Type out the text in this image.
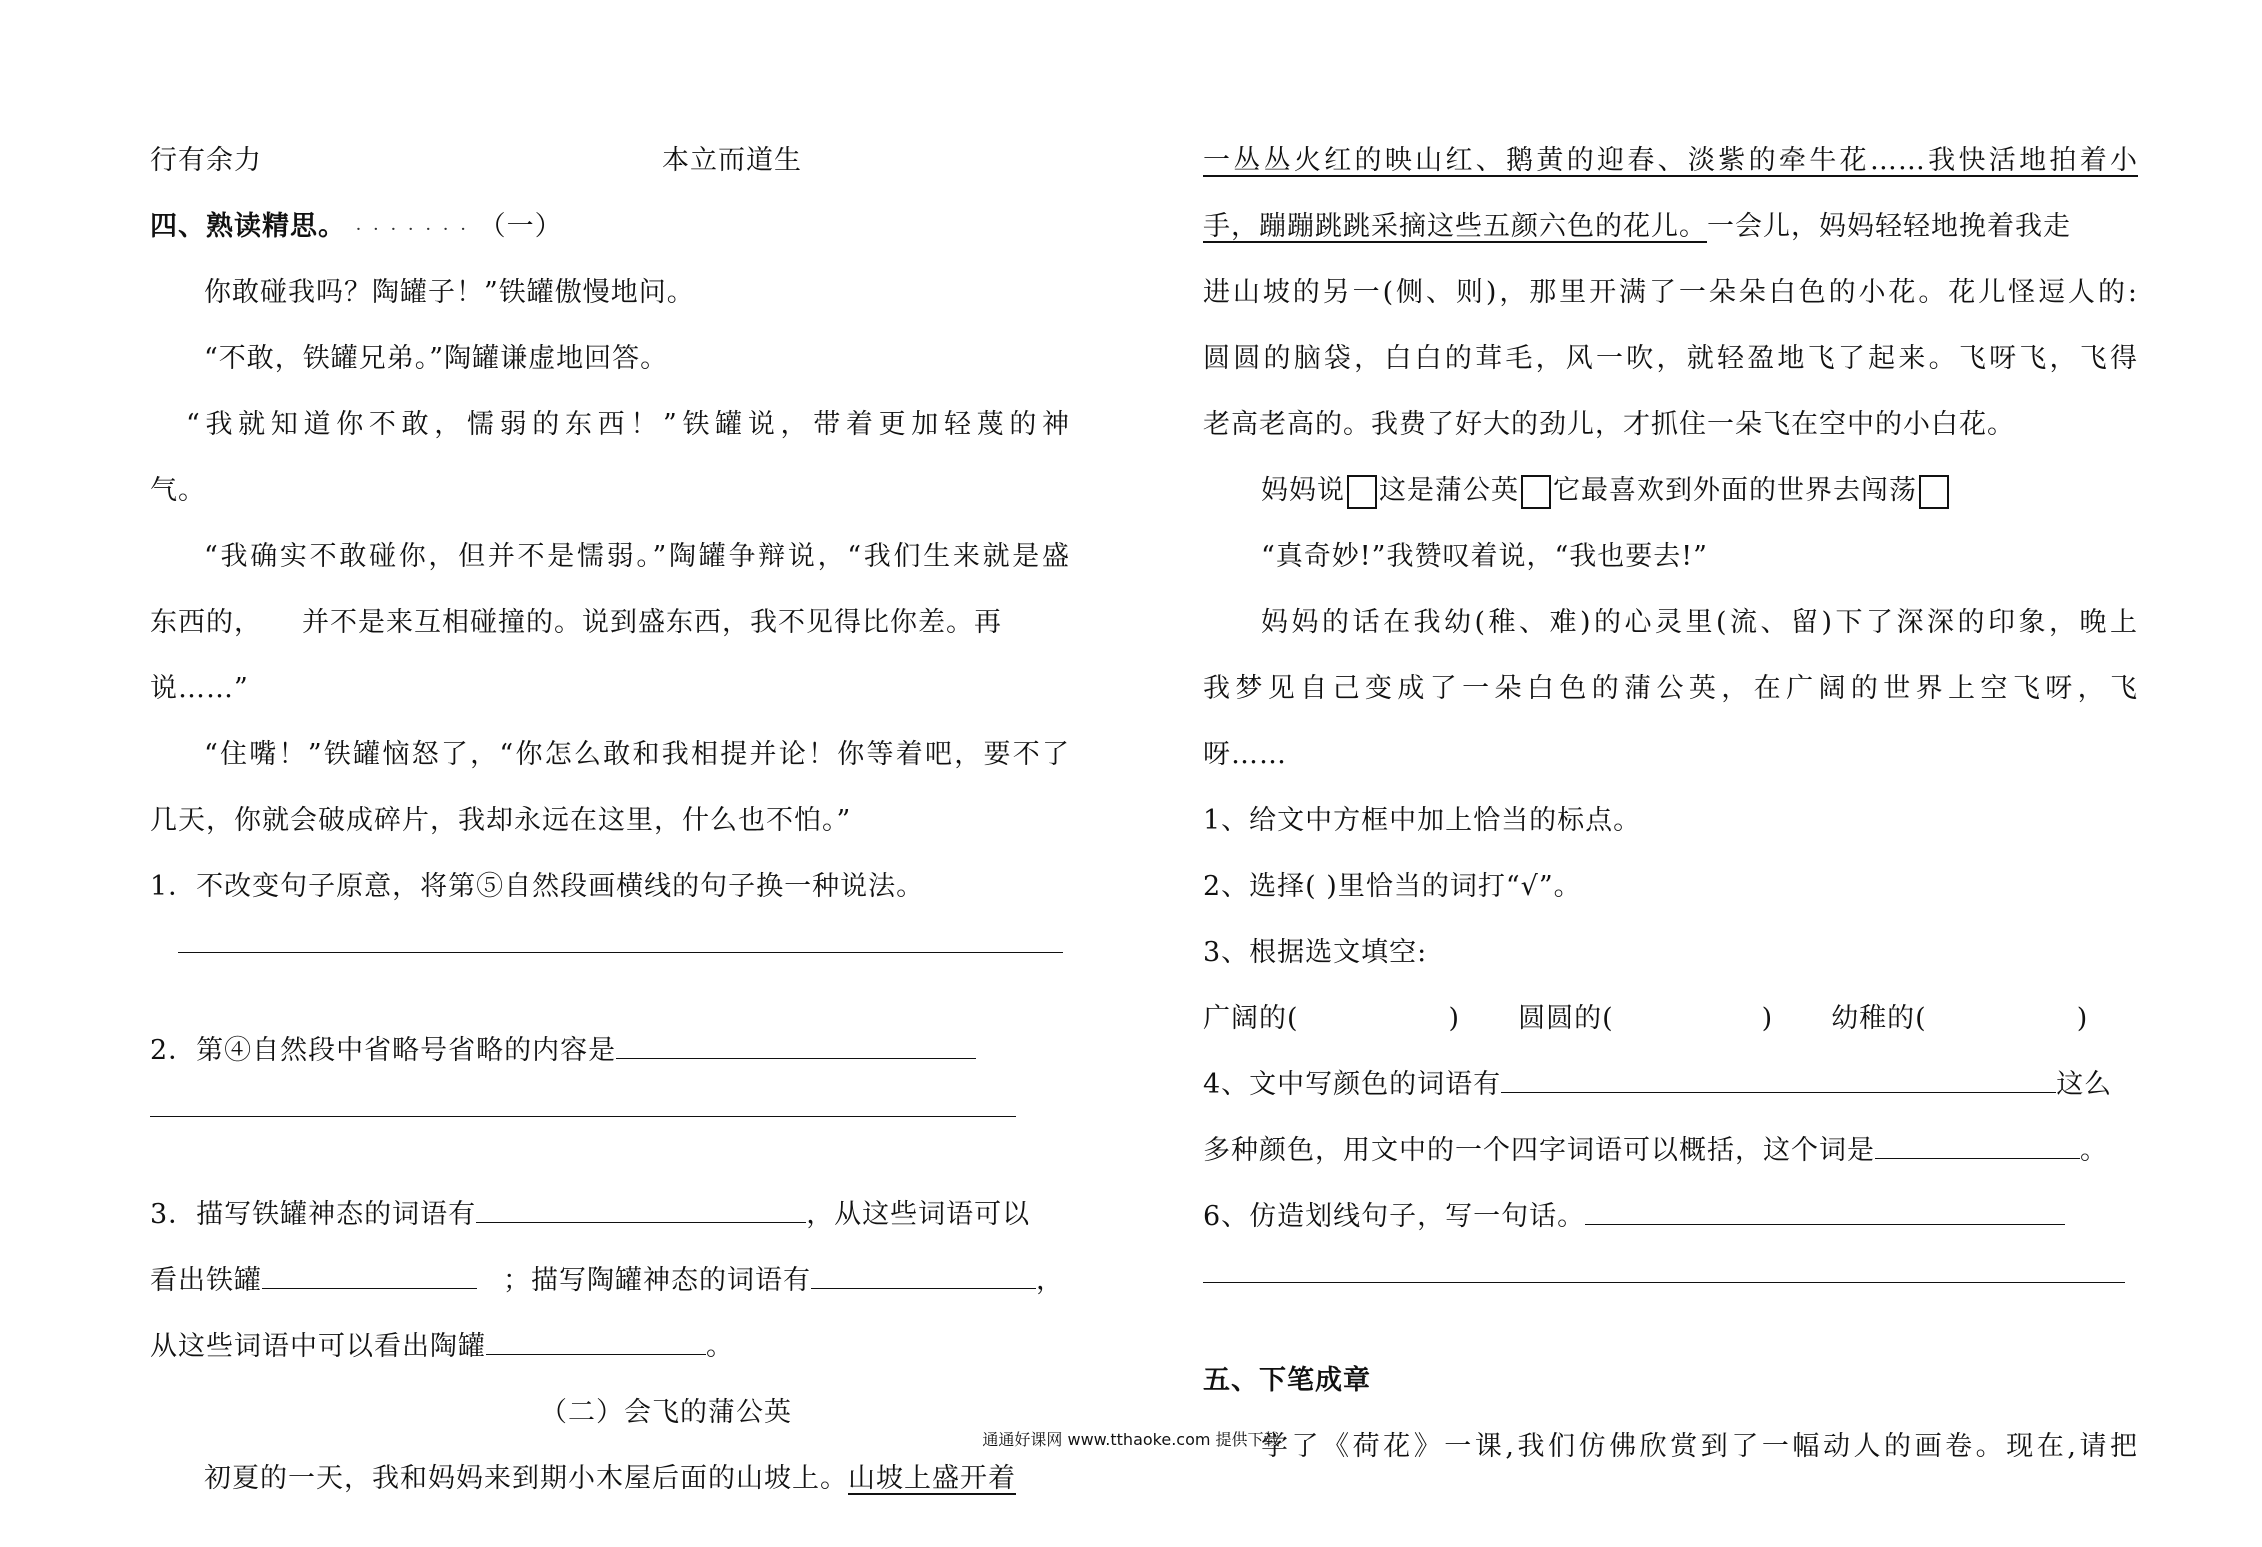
行有余力	本立而道生
四、熟读精思。 · · · · · · · （一）
你敢碰我吗？陶罐子！”铁罐傲慢地问。
“不敢，铁罐兄弟。”陶罐谦虚地回答。
“我就知道你不敢，懦弱的东西！”铁罐说，带着更加轻蔑的神
气。
“我确实不敢碰你，但并不是懦弱。”陶罐争辩说，“我们生来就是盛
东西的， 并不是来互相碰撞的。说到盛东西，我不见得比你差。再
说……”
“住嘴！”铁罐恼怒了，“你怎么敢和我相提并论！你等着吧，要不了
几天，你就会破成碎片，我却永远在这里，什么也不怕。”
1．不改变句子原意，将第⑤自然段画横线的句子换一种说法。
2．第④自然段中省略号省略的内容是
3．描写铁罐神态的词语有	，从这些词语可以
看出铁罐	；描写陶罐神态的词语有	，
从这些词语中可以看出陶罐	。
（二）会飞的蒲公英
初夏的一天，我和妈妈来到期小木屋后面的山坡上。山坡上盛开着
一丛丛火红的映山红、鹅黄的迎春、淡紫的牵牛花……我快活地拍着小
手，蹦蹦跳跳采摘这些五颜六色的花儿。一会儿，妈妈轻轻地挽着我走
进山坡的另一(侧、则)，那里开满了一朵朵白色的小花。花儿怪逗人的:
圆圆的脑袋，白白的茸毛，风一吹，就轻盈地飞了起来。飞呀飞，飞得
老高老高的。我费了好大的劲儿，才抓住一朵飞在空中的小白花。
妈妈说 这是蒲公英 它最喜欢到外面的世界去闯荡
“真奇妙!”我赞叹着说，“我也要去!”
妈妈的话在我幼(稚、难)的心灵里(流、留)下了深深的印象，晚上
我梦见自己变成了一朵白色的蒲公英，在广阔的世界上空飞呀，飞
呀……
1、给文中方框中加上恰当的标点。
2、选择( )里恰当的词打“√”。
3、根据选文填空:
广阔的(	) 圆圆的(	) 幼稚的(	)
4、文中写颜色的词语有	这么
多种颜色，用文中的一个四字词语可以概括，这个词是	。
6、仿造划线句子，写一句话。
五、下笔成章
学了《荷花》一课,我们仿佛欣赏到了一幅动人的画卷。现在,请把
通通好课网 www.tthaoke.com 提供下载
